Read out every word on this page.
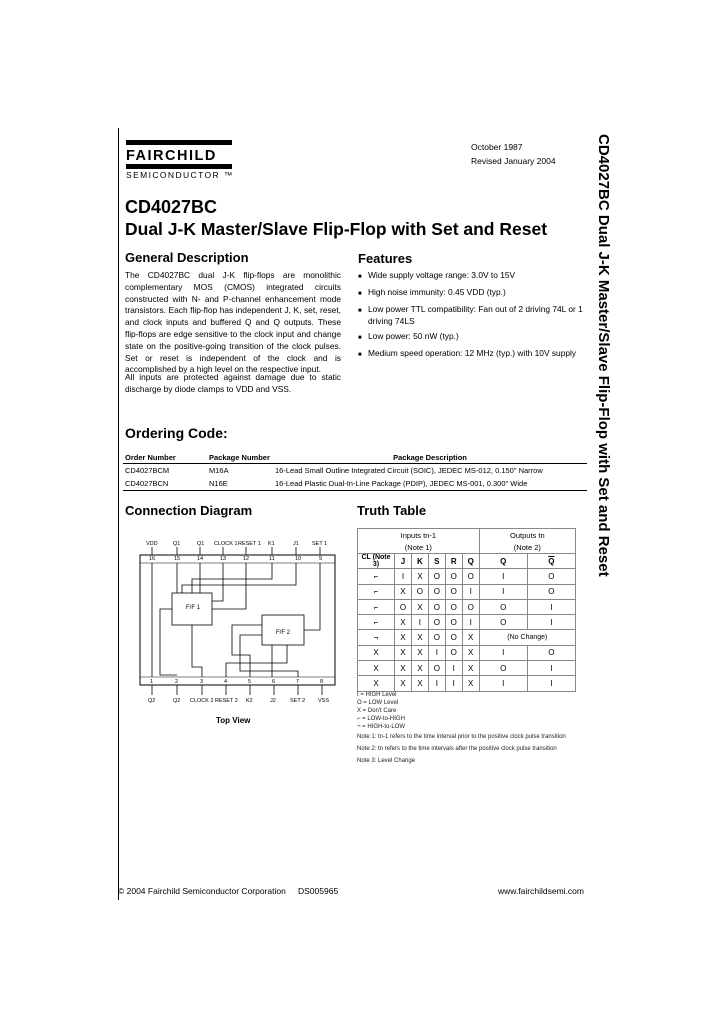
FAIRCHILD
SEMICONDUCTOR ™
October 1987
Revised January 2004
CD4027BC
Dual J-K Master/Slave Flip-Flop with Set and Reset	CD4027BC Dual J-K Master/Slave Flip-Flop with Set and Reset
General Description
The CD4027BC dual J-K flip-flops are monolithic complementary MOS (CMOS) integrated circuits constructed with N- and P-channel enhancement mode transistors. Each flip-flop has independent J, K, set, reset, and clock inputs and buffered Q and Q outputs. These flip-flops are edge sensitive to the clock input and change state on the positive-going transition of the clock pulses. Set or reset is independent of the clock and is accomplished by a high level on the respective input.
All inputs are protected against damage due to static discharge by diode clamps to VDD and VSS.
Features
■ Wide supply voltage range: 3.0V to 15V
■ High noise immunity: 0.45 VDD (typ.)
■ Low power TTL compatibility: Fan out of 2 driving 74L or 1 driving 74LS
■ Low power: 50 nW (typ.)
■ Medium speed operation: 12 MHz (typ.) with 10V supply
Ordering Code:
Order Number	Package Number	Package Description
CD4027BCM	M16A	16-Lead Small Outline Integrated Circuit (SOIC), JEDEC MS-012, 0.150" Narrow
CD4027BCN	N16E	16-Lead Plastic Dual-In-Line Package (PDIP), JEDEC MS-001, 0.300" Wide

Connection Diagram
VDD	Q1	Q1 CLOCK 1 RESET 1 K1	J1 SET 1
16	15	14	13	12	11	10	9
F/F 1
F/F 2
1	2	3	4	5	6	7	8
Q2	Q2 CLOCK 2 RESET 2 K2	J2	SET 2 VSS
Top View
Truth Table
Inputs tn-1						Outputs tn	
(Note 1)						(Note 2)	
CL (Note 3)	J	K	S	R	Q	Q	$\overline{Q}$
⌐	I	X	O	O	O	I	O
⌐	X	O	O	O	I	I	O
⌐	O	X	O	O	O	O	I
⌐	X	I	O	O	I	O	I
¬	X	X	O	O	X	(No Change)	
X	X	X	I	O	X	I	O
X	X	X	O	I	X	O	I
X	X	X	I	I	X	I	I
I = HIGH Level
O = LOW Level
X = Don't Care
⌐ = LOW-to-HIGH
¬ = HIGH-to-LOW
Note 1: tn-1 refers to the time interval prior to the positive clock pulse transition
Note 2: tn refers to the time intervals after the positive clock pulse transition
Note 3: Level Change
© 2004 Fairchild Semiconductor Corporation DS005965	www.fairchildsemi.com
